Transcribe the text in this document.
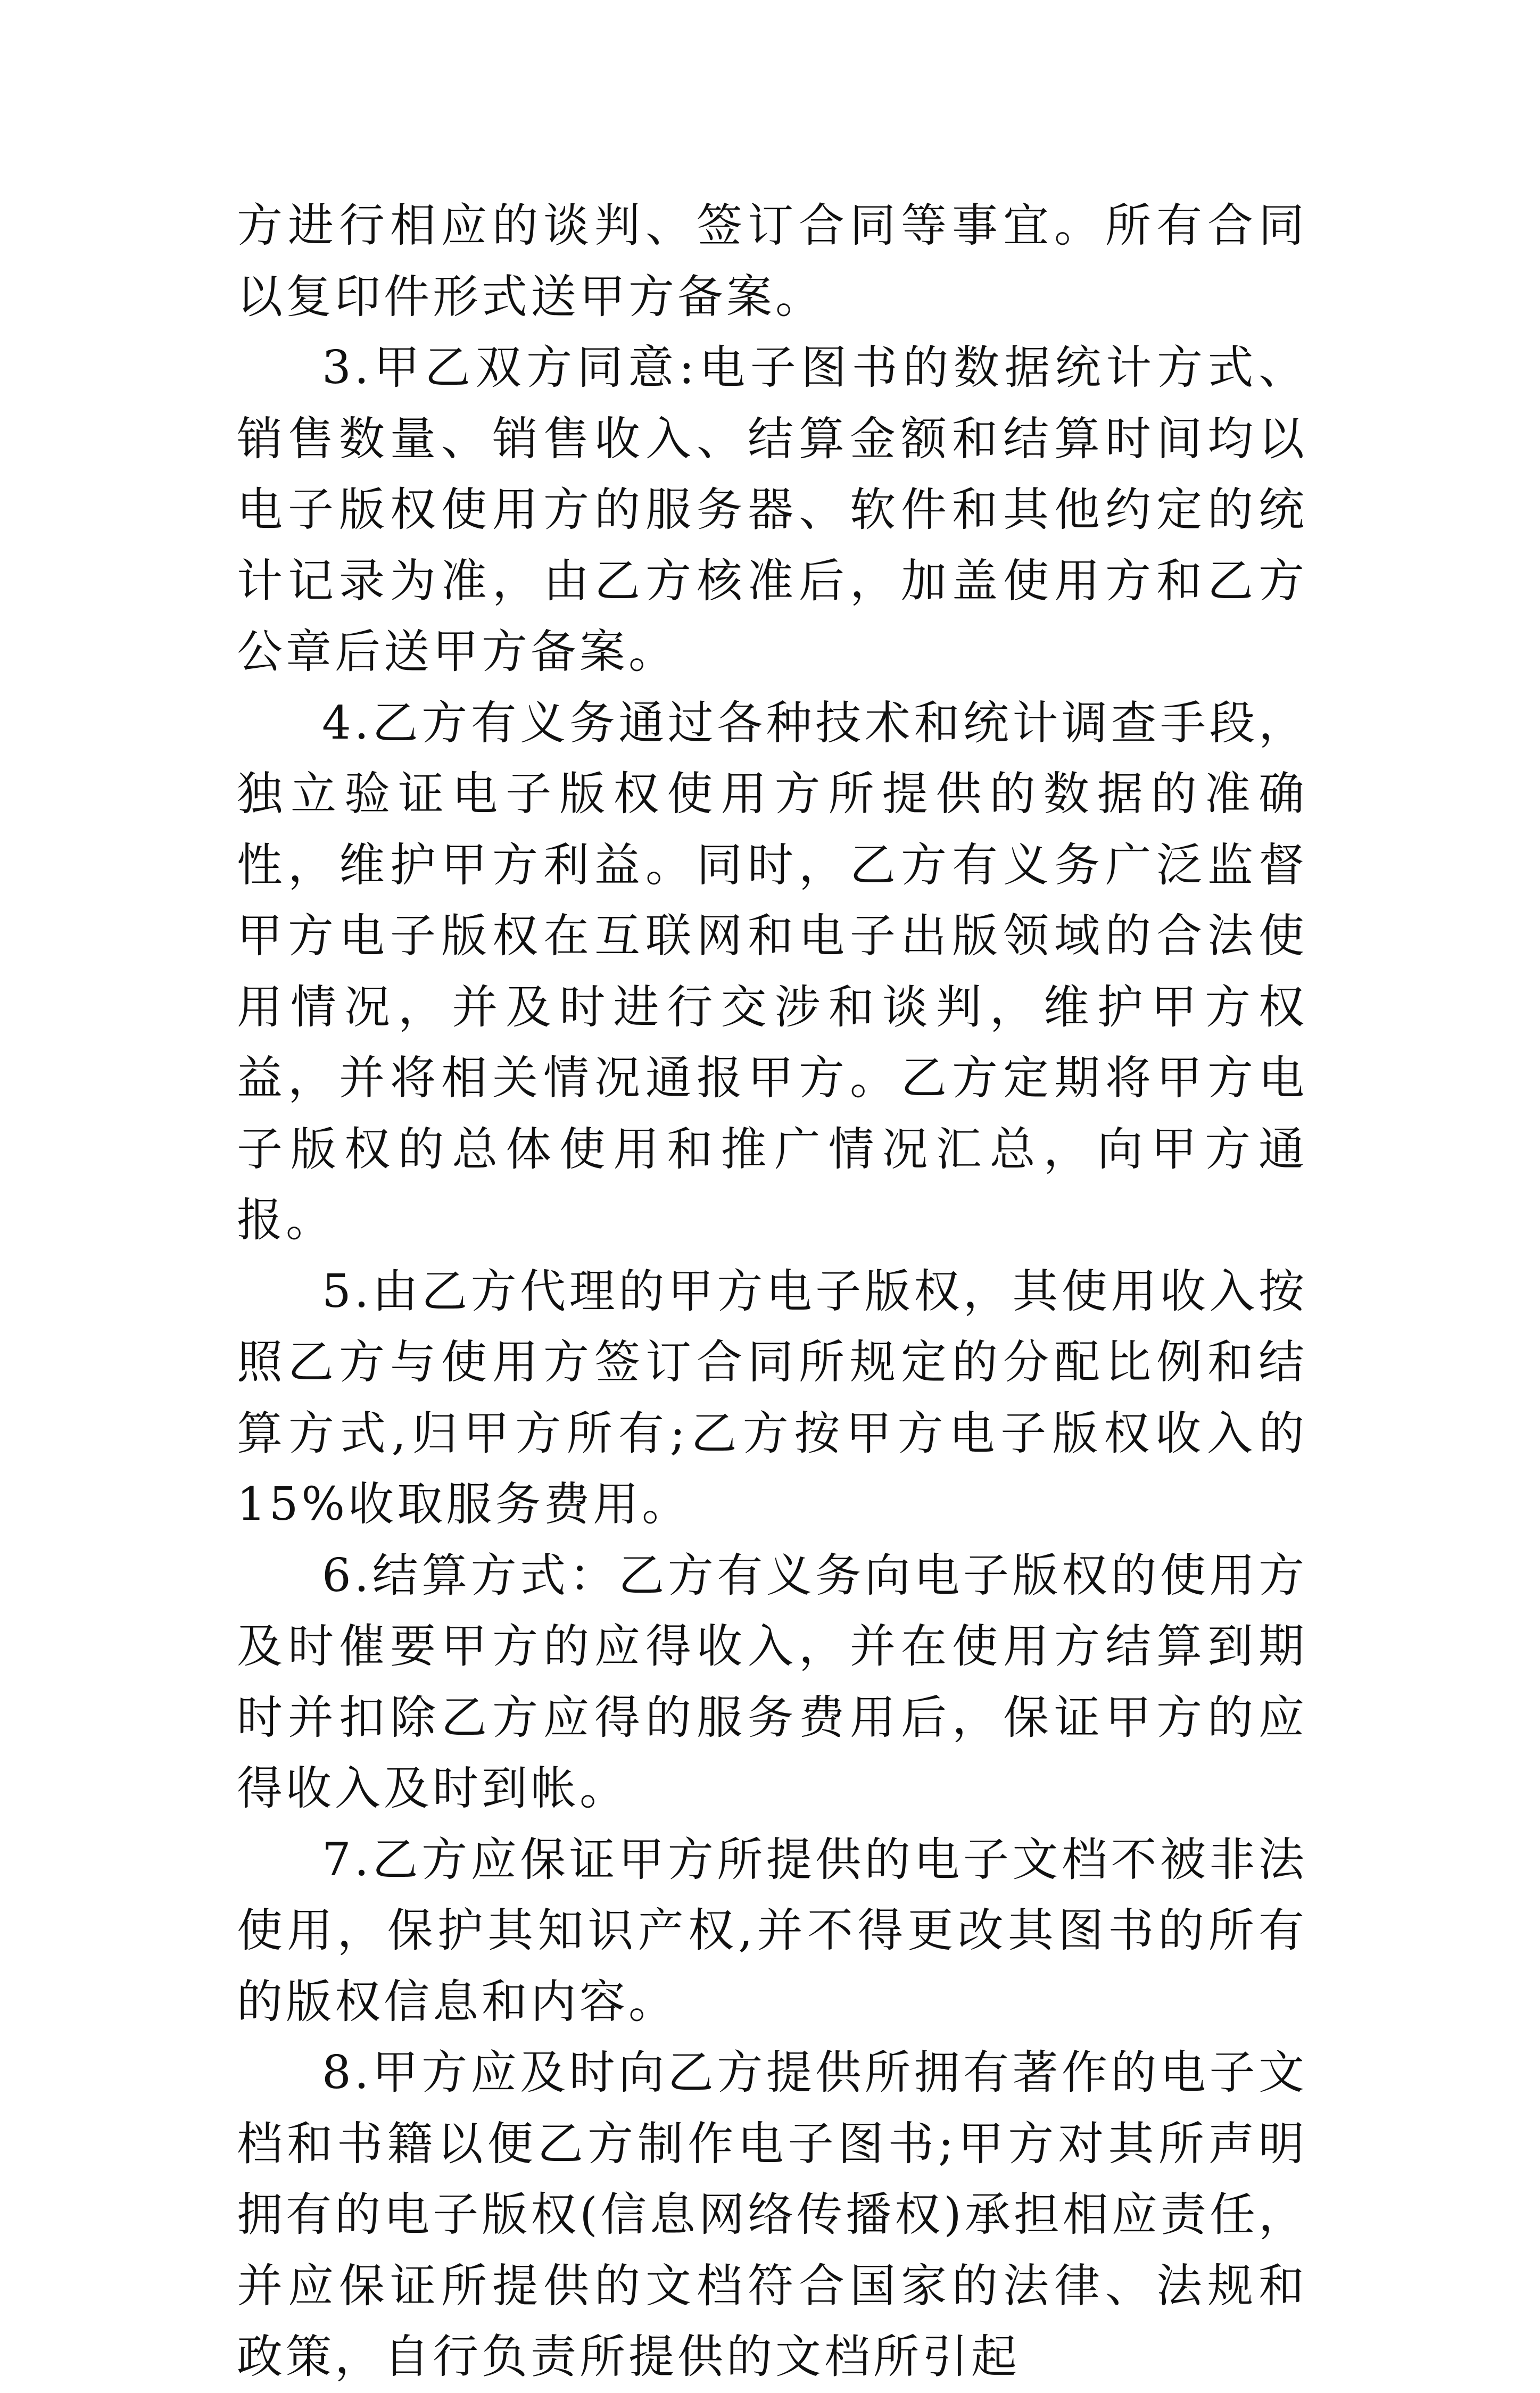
方进行相应的谈判、签订合同等事宜。所有合同以复印件形式送甲方备案。

3.甲乙双方同意:电子图书的数据统计方式、销售数量、销售收入、结算金额和结算时间均以电子版权使用方的服务器、软件和其他约定的统计记录为准，由乙方核准后，加盖使用方和乙方公章后送甲方备案。

4.乙方有义务通过各种技术和统计调查手段，独立验证电子版权使用方所提供的数据的准确性，维护甲方利益。同时，乙方有义务广泛监督甲方电子版权在互联网和电子出版领域的合法使用情况，并及时进行交涉和谈判，维护甲方权益，并将相关情况通报甲方。乙方定期将甲方电子版权的总体使用和推广情况汇总，向甲方通报。

5.由乙方代理的甲方电子版权，其使用收入按照乙方与使用方签订合同所规定的分配比例和结算方式,归甲方所有;乙方按甲方电子版权收入的15%收取服务费用。

6.结算方式：乙方有义务向电子版权的使用方及时催要甲方的应得收入，并在使用方结算到期时并扣除乙方应得的服务费用后，保证甲方的应得收入及时到帐。

7.乙方应保证甲方所提供的电子文档不被非法使用，保护其知识产权,并不得更改其图书的所有的版权信息和内容。

8.甲方应及时向乙方提供所拥有著作的电子文档和书籍以便乙方制作电子图书;甲方对其所声明拥有的电子版权(信息网络传播权)承担相应责任，并应保证所提供的文档符合国家的法律、法规和政策，自行负责所提供的文档所引起
